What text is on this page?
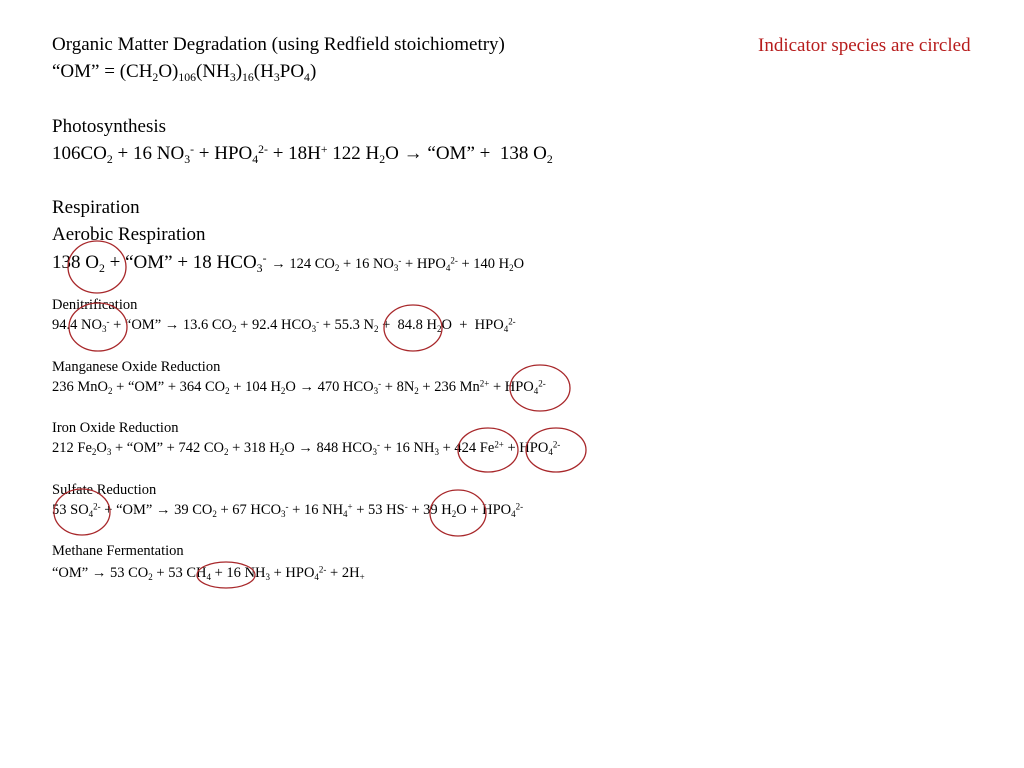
Indicator species are circled
Organic Matter Degradation (using Redfield stoichiometry)
“OM” = $(CH_2O)_{106}(NH_3)_{16}(H_3PO_4)$
Photosynthesis
$106CO_2 + 16$ $NO_3^- + HPO_4^{2-} + 18H^+$ 122 $H_2O$ → “OM” +  138 $O_2$
Respiration
Aerobic Respiration
138 $O_2$ + “OM” + 18 $HCO_3^- \to 124$ $CO_2 + 16$ $NO_3^- + HPO_4^{2-} + 140$ $H_2O$
Denitrification
94.4 $NO_3^-$ + “OM” → 13.6 $CO_2 + 92.4$ $HCO_3^- + 55.3$ $N_2 + 84.8$ $H_2O + HPO_4^{2-}$
Manganese Oxide Reduction
236 MnO$_2$ + “OM” + 364 $CO_2 + 104$ $H_2O \to 470$ $HCO_3^- + 8N_2 + 236$ $Mn^{2+} + HPO_4^{2-}$
Iron Oxide Reduction
212 $Fe_2O_3$ + “OM” + 742 $CO_2 + 318$ $H_2O \to 848$ $HCO_3^- + 16$ $NH_3 + 424$ $Fe^{2+} + HPO_4^{2-}$
Sulfate Reduction
53 $SO_4^{2-}$ + “OM” → 39 $CO_2 + 67$ $HCO_3^- + 16$ $NH_4^+ + 53$ HS- + 39 $H_2O + HPO_4^{2-}$
Methane Fermentation
“OM” → 53 $CO_2 + 53$ $CH_4 + 16$ $NH_3 + HPO_4^{2-} + 2H_+$
